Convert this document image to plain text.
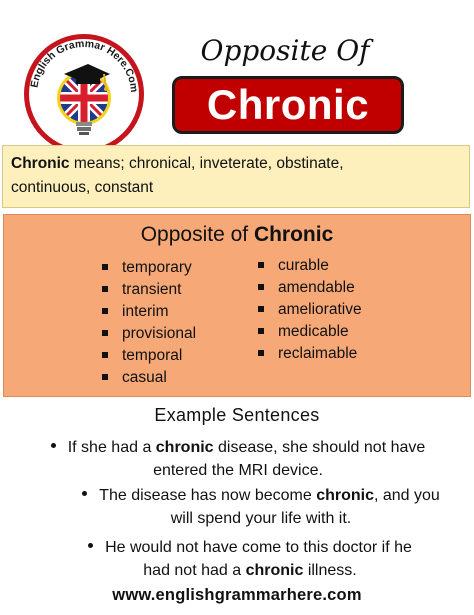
English Grammar Here.Com
Opposite Of
Chronic
Chronic means; chronical, inveterate, obstinate,
continuous, constant
Opposite of Chronic
temporary
transient
interim
provisional
temporal
casual
curable
amendable
ameliorative
medicable
reclaimable
Example Sentences
If she had a chronic disease, she should not have
entered the MRI device.
The disease has now become chronic, and you
will spend your life with it.
He would not have come to this doctor if he
had not had a chronic illness.
www.englishgrammarhere.com
